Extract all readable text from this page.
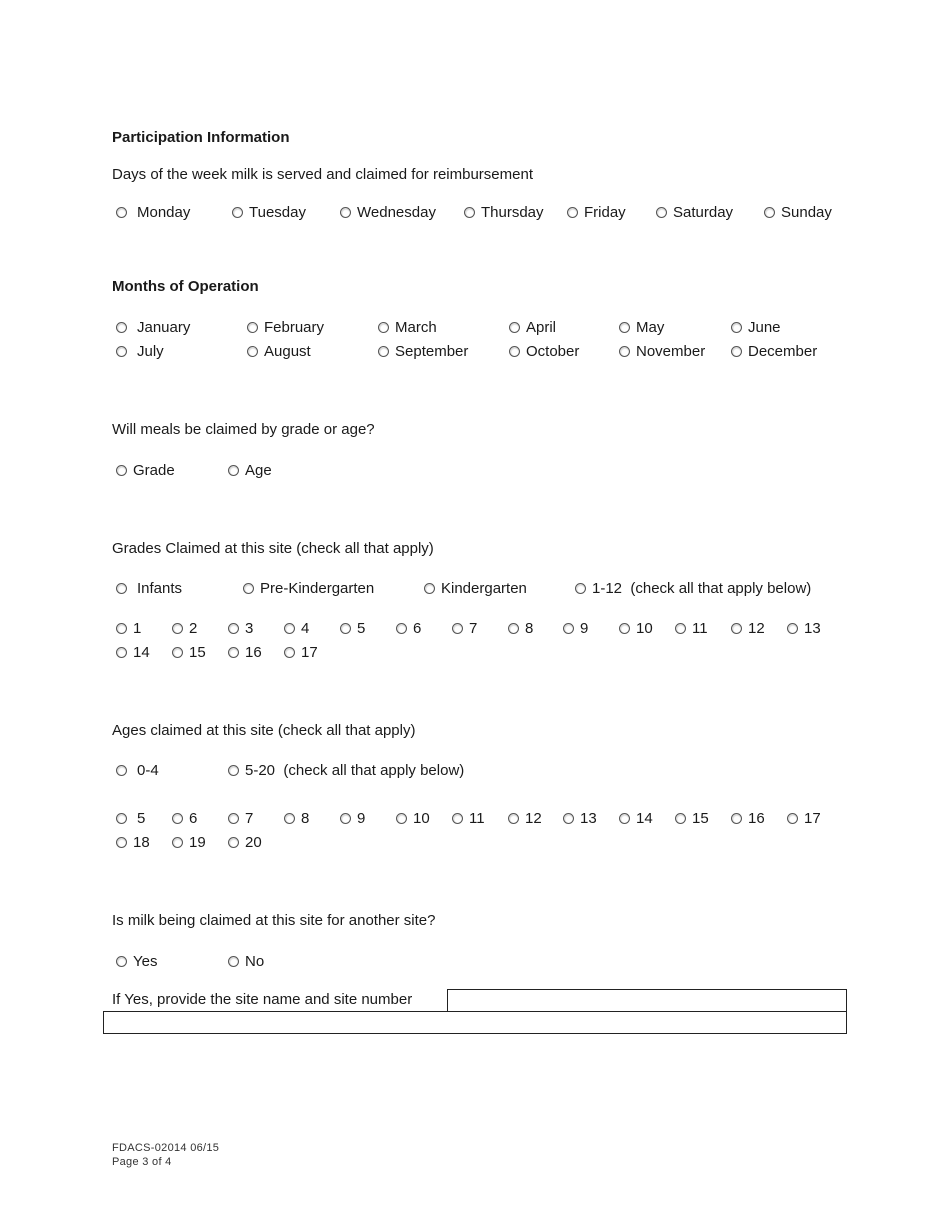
Participation Information
Days of the week milk is served and claimed for reimbursement
Monday	Tuesday	Wednesday	Thursday	Friday	Saturday	Sunday
Months of Operation
January	February	March	April	May	June
July	August	September	October	November	December
Will meals be claimed by grade or age?
Grade	Age
Grades Claimed at this site (check all that apply)
Infants	Pre-Kindergarten	Kindergarten	1-12  (check all that apply below)
1	2	3	4	5	6	7	8	9	10	11	12	13
14	15	16	17
Ages claimed at this site (check all that apply)
0-4	5-20  (check all that apply below)
5	6	7	8	9	10	11	12	13	14	15	16	17
18	19	20
Is milk being claimed at this site for another site?
Yes	No
If Yes, provide the site name and site number
FDACS-02014 06/15
Page 3 of 4
